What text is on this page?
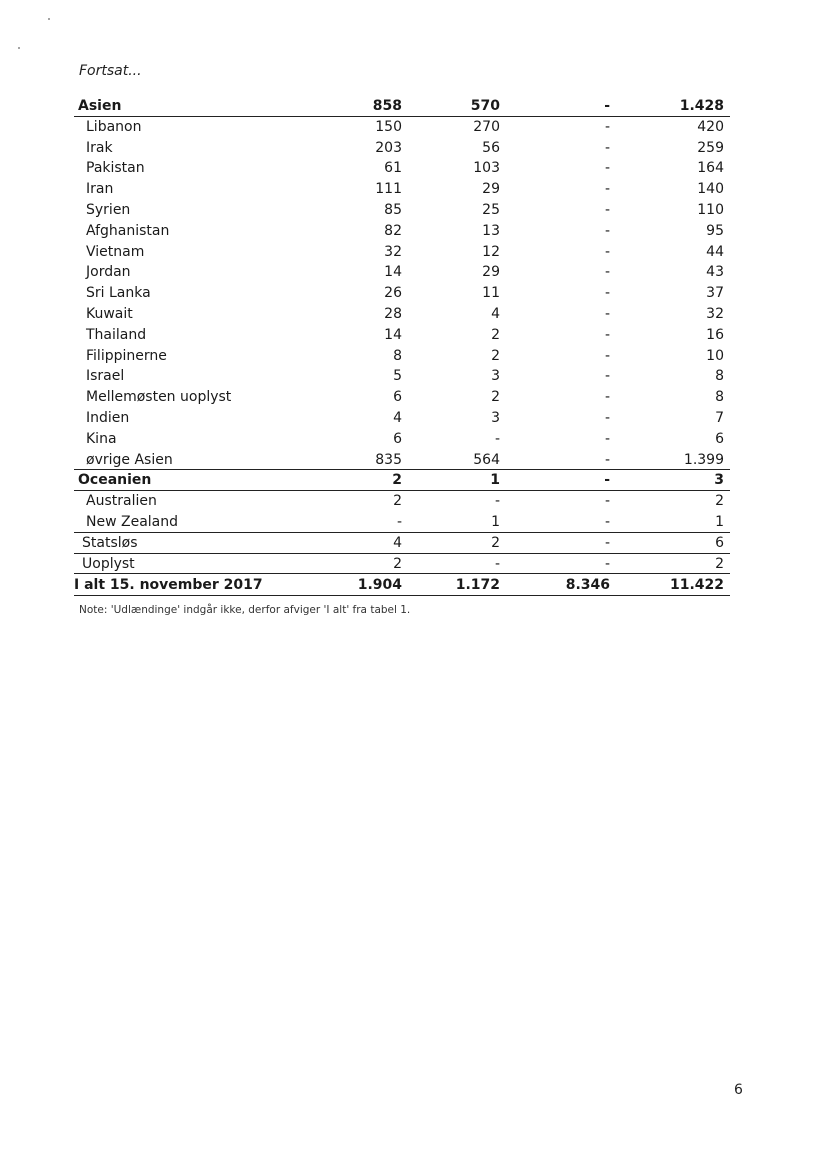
Fortsat...
Asien	858	570	-	1.428
Libanon	150	270	-	420
Irak	203	56	-	259
Pakistan	61	103	-	164
Iran	111	29	-	140
Syrien	85	25	-	110
Afghanistan	82	13	-	95
Vietnam	32	12	-	44
Jordan	14	29	-	43
Sri Lanka	26	11	-	37
Kuwait	28	4	-	32
Thailand	14	2	-	16
Filippinerne	8	2	-	10
Israel	5	3	-	8
Mellemøsten uoplyst	6	2	-	8
Indien	4	3	-	7
Kina	6	-	-	6
øvrige Asien	835	564	-	1.399
Oceanien	2	1	-	3
Australien	2	-	-	2
New Zealand	-	1	-	1
Statsløs	4	2	-	6
Uoplyst	2	-	-	2
I alt 15. november 2017	1.904	1.172	8.346	11.422
Note: 'Udlændinge' indgår ikke, derfor afviger 'I alt' fra tabel 1.
6
